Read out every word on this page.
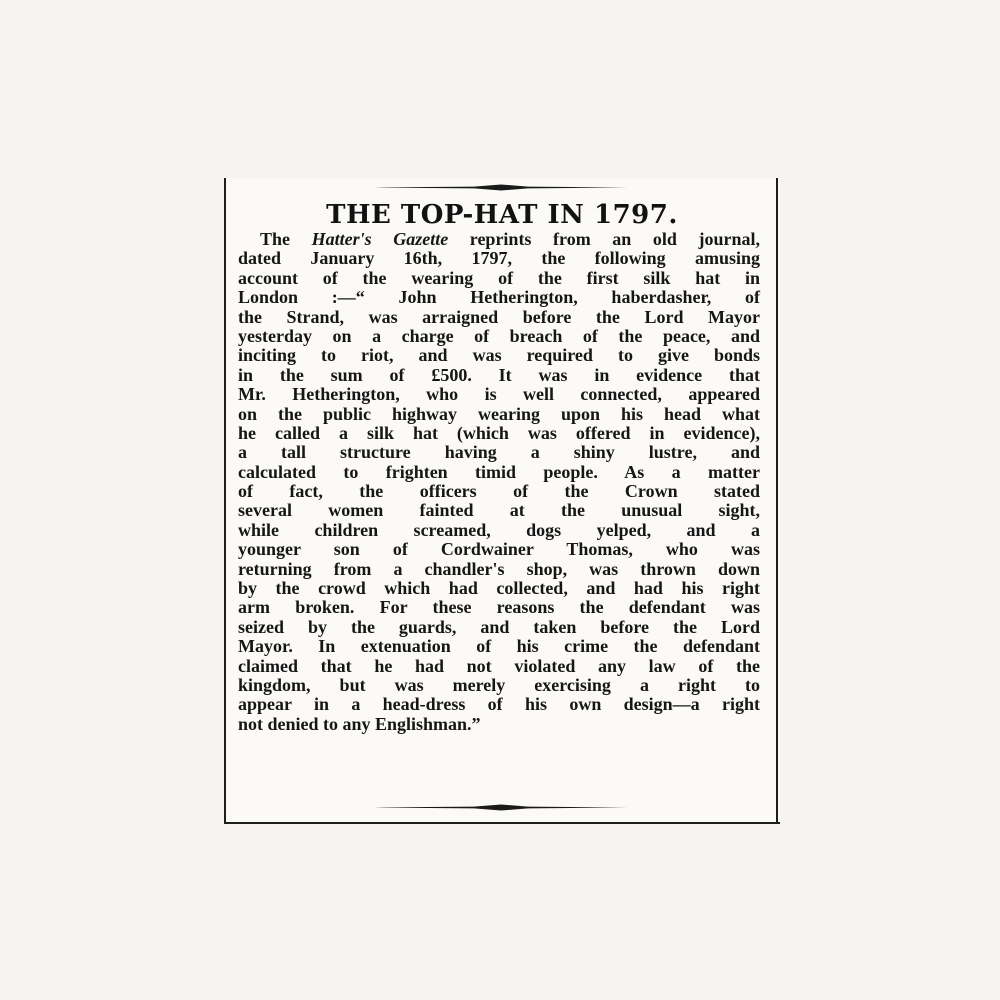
THE TOP-HAT IN 1797.
The Hatter's Gazette reprints from an old journal,
dated January 16th, 1797, the following amusing
account of the wearing of the first silk hat in
London :—“ John Hetherington, haberdasher, of
the Strand, was arraigned before the Lord Mayor
yesterday on a charge of breach of the peace, and
inciting to riot, and was required to give bonds
in the sum of £500. It was in evidence that
Mr. Hetherington, who is well connected, appeared
on the public highway wearing upon his head what
he called a silk hat (which was offered in evidence),
a tall structure having a shiny lustre, and
calculated to frighten timid people. As a matter
of fact, the officers of the Crown stated
several women fainted at the unusual sight,
while children screamed, dogs yelped, and a
younger son of Cordwainer Thomas, who was
returning from a chandler's shop, was thrown down
by the crowd which had collected, and had his right
arm broken. For these reasons the defendant was
seized by the guards, and taken before the Lord
Mayor. In extenuation of his crime the defendant
claimed that he had not violated any law of the
kingdom, but was merely exercising a right to
appear in a head-dress of his own design—a right
not denied to any Englishman.”
